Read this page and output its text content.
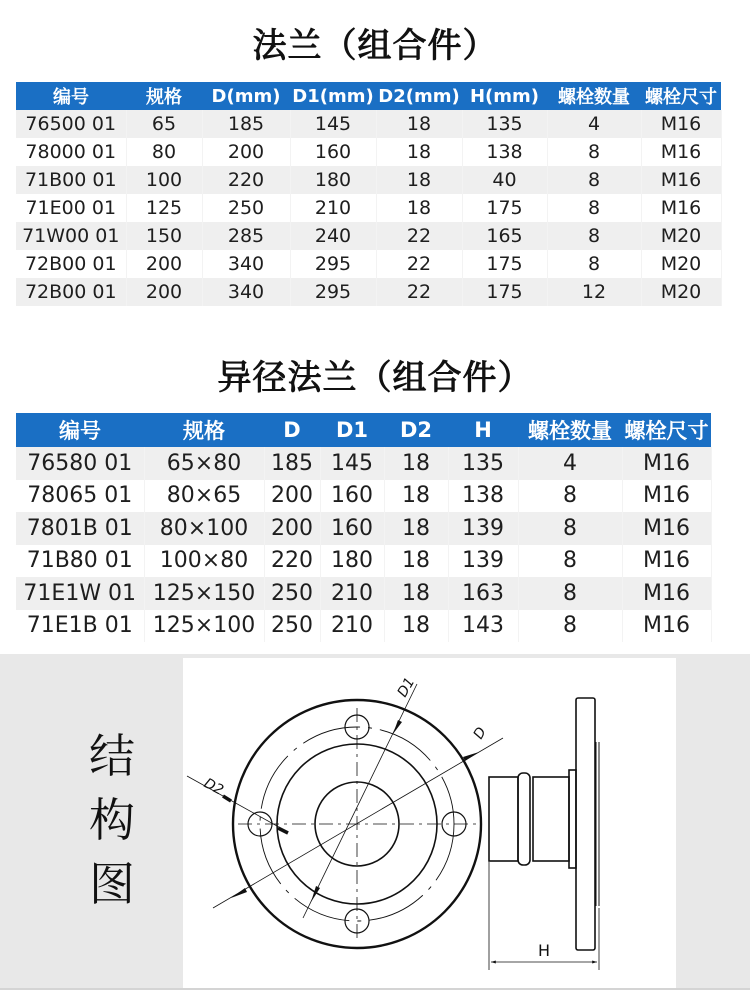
法兰（组合件）
编号	规格	D(mm)	D1(mm)	D2(mm)	H(mm)	螺栓数量	螺栓尺寸
76500 01	65	185	145	18	135	4	M16
78000 01	80	200	160	18	138	8	M16
71B00 01	100	220	180	18	40	8	M16
71E00 01	125	250	210	18	175	8	M16
71W00 01	150	285	240	22	165	8	M20
72B00 01	200	340	295	22	175	8	M20
72B00 01	200	340	295	22	175	12	M20
异径法兰（组合件）
编号	规格	D	D1	D2	H	螺栓数量	螺栓尺寸
76580 01	65×80	185	145	18	135	4	M16
78065 01	80×65	200	160	18	138	8	M16
7801B 01	80×100	200	160	18	139	8	M16
71B80 01	100×80	220	180	18	139	8	M16
71E1W 01	125×150	250	210	18	163	8	M16
71E1B 01	125×100	250	210	18	143	8	M16
结
构
图
D2
D1
D
H
